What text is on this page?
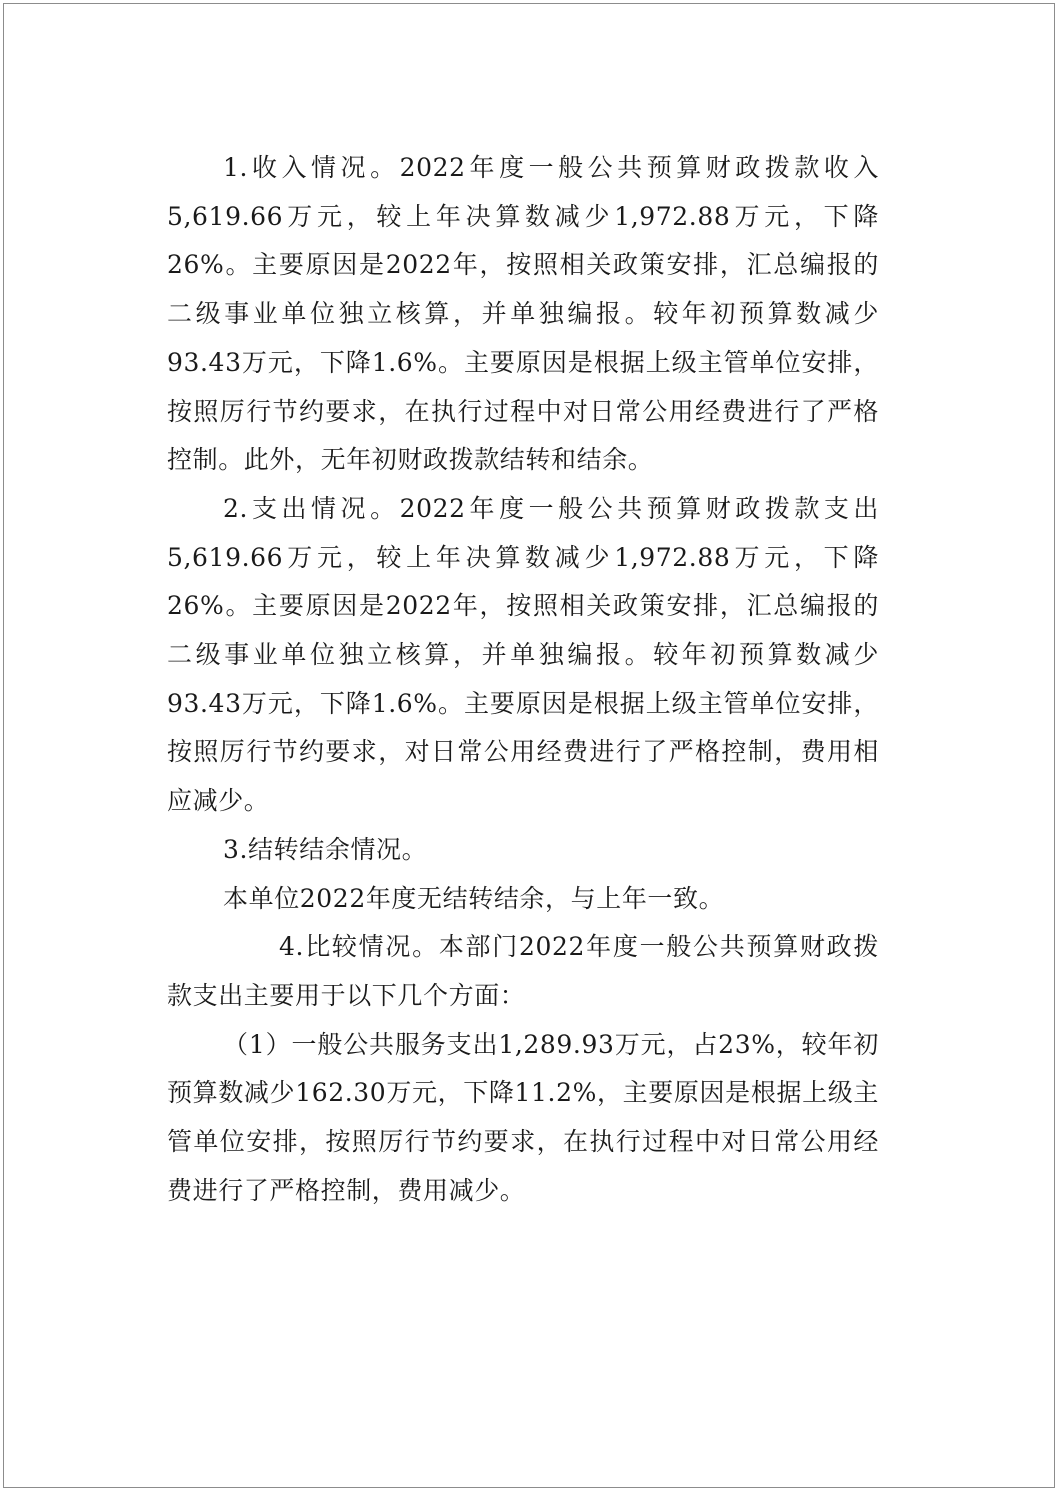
1.收入情况。2022年度一般公共预算财政拨款收入5,619.66万元，较上年决算数减少1,972.88万元，下降26%。主要原因是2022年，按照相关政策安排，汇总编报的二级事业单位独立核算，并单独编报。较年初预算数减少93.43万元，下降1.6%。主要原因是根据上级主管单位安排，按照厉行节约要求，在执行过程中对日常公用经费进行了严格控制。此外，无年初财政拨款结转和结余。

2.支出情况。2022年度一般公共预算财政拨款支出5,619.66万元，较上年决算数减少1,972.88万元，下降26%。主要原因是2022年，按照相关政策安排，汇总编报的二级事业单位独立核算，并单独编报。较年初预算数减少93.43万元，下降1.6%。主要原因是根据上级主管单位安排，按照厉行节约要求，对日常公用经费进行了严格控制，费用相应减少。

3.结转结余情况。

本单位2022年度无结转结余，与上年一致。

4.比较情况。本部门2022年度一般公共预算财政拨款支出主要用于以下几个方面：

（1）一般公共服务支出1,289.93万元，占23%，较年初预算数减少162.30万元，下降11.2%，主要原因是根据上级主管单位安排，按照厉行节约要求，在执行过程中对日常公用经费进行了严格控制，费用减少。
